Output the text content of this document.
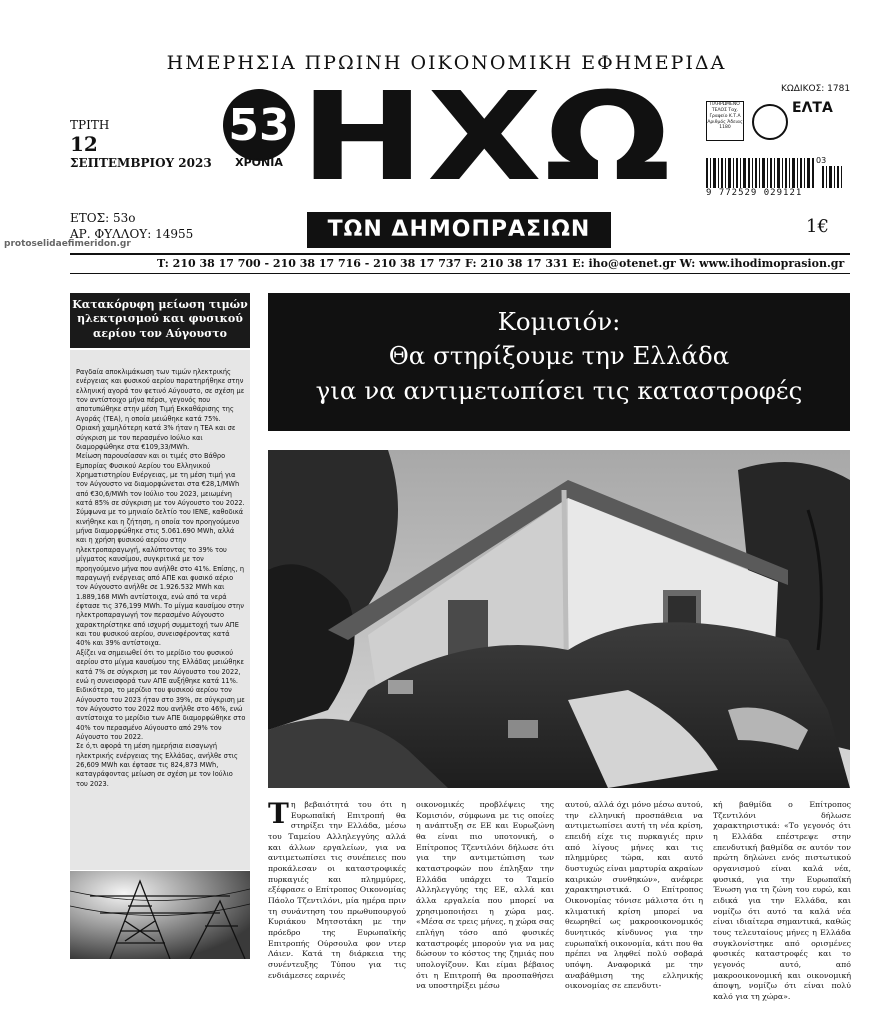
ΗΜΕΡΗΣΙΑ ΠΡΩΙΝΗ ΟΙΚΟΝΟΜΙΚΗ ΕΦΗΜΕΡΙΔΑ
ΤΡΙΤΗ
12
ΣΕΠΤΕΜΒΡΙΟΥ 2023
ΕΤΟΣ: 53ο
ΑΡ. ΦΥΛΛΟΥ: 14955
protoselidaefimeridon.gr
53
ΧΡΟΝΙΑ ΗΧΩ
ΤΩΝ ΔΗΜΟΠΡΑΣΙΩΝ
ΚΩΔΙΚΟΣ: 1781
ΠΛΗΡΩΜΕΝΟ ΤΕΛΟΣ Ταχ. Γραφείο Κ.Τ.Α Αριθμός Άδειας 1180
ΕΛΤΑ
9 772529 029121
03
1€
T: 210 38 17 700 - 210 38 17 716 - 210 38 17 737 F: 210 38 17 331 E: iho@otenet.gr W: www.ihodimoprasion.gr
Κατακόρυφη μείωση τιμών ηλεκτρισμού και φυσικού αερίου τον Αύγουστο
Ραγδαία αποκλιμάκωση των τιμών ηλεκτρικής ενέργειας και φυσικού αερίου παρατηρήθηκε στην ελληνική αγορά τον φετινό Αύγουστο, σε σχέση με τον αντίστοιχο μήνα πέρσι, γεγονός που αποτυπώθηκε στην μέση Τιμή Εκκαθάρισης της Αγοράς (ΤΕΑ), η οποία μειώθηκε κατά 75%.
Οριακή χαμηλότερη κατά 3% ήταν η ΤΕΑ και σε σύγκριση με τον περασμένο Ιούλιο και διαμορφώθηκε στα €109,33/MWh.
Μείωση παρουσίασαν και οι τιμές στο Βάθρο Εμπορίας Φυσικού Αερίου του Ελληνικού Χρηματιστηρίου Ενέργειας, με τη μέση τιμή για τον Αύγουστο να διαμορφώνεται στα €28,1/MWh από €30,6/MWh τον Ιούλιο του 2023, μειωμένη κατά 85% σε σύγκριση με τον Αύγουστο του 2022.
Σύμφωνα με το μηνιαίο δελτίο του ΙΕΝΕ, καθοδικά κινήθηκε και η ζήτηση, η οποία τον προηγούμενο μήνα διαμορφώθηκε στις 5.061.690 MWh, αλλά και η χρήση φυσικού αερίου στην ηλεκτροπαραγωγή, καλύπτοντας το 39% του μίγματος καυσίμου, συγκριτικά με τον προηγούμενο μήνα που ανήλθε στο 41%. Επίσης, η παραγωγή ενέργειας από ΑΠΕ και φυσικό αέριο τον Αύγουστο ανήλθε σε 1.926.532 MWh και 1.889,168 MWh αντίστοιχα, ενώ από τα νερά έφτασε τις 376,199 MWh. Το μίγμα καυσίμου στην ηλεκτροπαραγωγή τον περασμένο Αύγουστο χαρακτηρίστηκε από ισχυρή συμμετοχή των ΑΠΕ και του φυσικού αερίου, συνεισφέροντας κατά 40% και 39% αντίστοιχα.
Αξίζει να σημειωθεί ότι το μερίδιο του φυσικού αερίου στο μίγμα καυσίμου της Ελλάδας μειώθηκε κατά 7% σε σύγκριση με τον Αύγουστο του 2022, ενώ η συνεισφορά των ΑΠΕ αυξήθηκε κατά 11%. Ειδικότερα, το μερίδιο του φυσικού αερίου τον Αύγουστο του 2023 ήταν στο 39%, σε σύγκριση με τον Αύγουστο του 2022 που ανήλθε στο 46%, ενώ αντίστοιχα το μερίδιο των ΑΠΕ διαμορφώθηκε στο 40% τον περασμένο Αύγουστο από 29% τον Αύγουστο του 2022.
Σε ό,τι αφορά τη μέση ημερήσια εισαγωγή ηλεκτρικής ενέργειας της Ελλάδας, ανήλθε στις 26,609 MWh και έφτασε τις 824,873 MWh, καταγράφοντας μείωση σε σχέση με τον Ιούλιο του 2023.
Κομισιόν:
Θα στηρίξουμε την Ελλάδα
για να αντιμετωπίσει τις καταστροφές
Τη βεβαιότητά του ότι η Ευρωπαϊκή Επιτροπή θα στηρίξει την Ελλάδα, μέσω του Ταμείου Αλληλεγγύης αλλά και άλλων εργαλείων, για να αντιμετωπίσει τις συνέπειες που προκάλεσαν οι καταστροφικές πυρκαγιές και πλημμύρες, εξέφρασε ο Επίτροπος Οικονομίας Πάολο Τζεντιλόνι, μία ημέρα πριν τη συνάντηση του πρωθυπουργού Κυριάκου Μητσοτάκη με την πρόεδρο της Ευρωπαϊκής Επιτροπής Ούρσουλα φον ντερ Λάιεν. Κατά τη διάρκεια της συνέντευξης Τύπου για τις ενδιάμεσες εαρινές
οικονομικές προβλέψεις της Κομισιόν, σύμφωνα με τις οποίες η ανάπτυξη σε ΕΕ και Ευρωζώνη θα είναι πιο υποτονική, ο Επίτροπος Τζεντιλόνι δήλωσε ότι για την αντιμετώπιση των καταστροφών που έπληξαν την Ελλάδα υπάρχει το Ταμείο Αλληλεγγύης της ΕΕ, αλλά και άλλα εργαλεία που μπορεί να χρησιμοποιήσει η χώρα μας. «Μέσα σε τρεις μήνες, η χώρα σας επλήγη τόσο από φυσικές καταστροφές μπορούν για να μας δώσουν το κόστος της ζημιάς που υπολογίζουν. Και είμαι βέβαιος ότι η Επιτροπή θα προσπαθήσει να υποστηρίξει μέσω
αυτού, αλλά όχι μόνο μέσω αυτού, την ελληνική προσπάθεια να αντιμετωπίσει αυτή τη νέα κρίση, επειδή είχε τις πυρκαγιές πριν από λίγους μήνες και τις πλημμύρες τώρα, και αυτό δυστυχώς είναι μαρτυρία ακραίων καιρικών συνθηκών», ανέφερε χαρακτηριστικά. Ο Επίτροπος Οικονομίας τόνισε μάλιστα ότι η κλιματική κρίση μπορεί να θεωρηθεί ως μακροοικονομικός δυνητικός κίνδυνος για την ευρωπαϊκή οικονομία, κάτι που θα πρέπει να ληφθεί πολύ σοβαρά υπόψη. Αναφορικά με την αναβάθμιση της ελληνικής οικονομίας σε επενδυτι-
κή βαθμίδα ο Επίτροπος Τζεντιλόνι δήλωσε χαρακτηριστικά: «Το γεγονός ότι η Ελλάδα επέστρεψε στην επενδυτική βαθμίδα σε αυτόν τον πρώτη δηλώνει ενός πιστωτικού οργανισμού είναι καλά νέα, φυσικά, για την Ευρωπαϊκή Ένωση για τη ζώνη του ευρώ, και ειδικά για την Ελλάδα, και νομίζω ότι αυτό τα καλά νέα είναι ιδιαίτερα σημαντικά, καθώς τους τελευταίους μήνες η Ελλάδα συγκλονίστηκε από ορισμένες φυσικές καταστροφές και το γεγονός αυτό, από μακροοικονομική και οικονομική άποψη, νομίζω ότι είναι πολύ καλό για τη χώρα».
